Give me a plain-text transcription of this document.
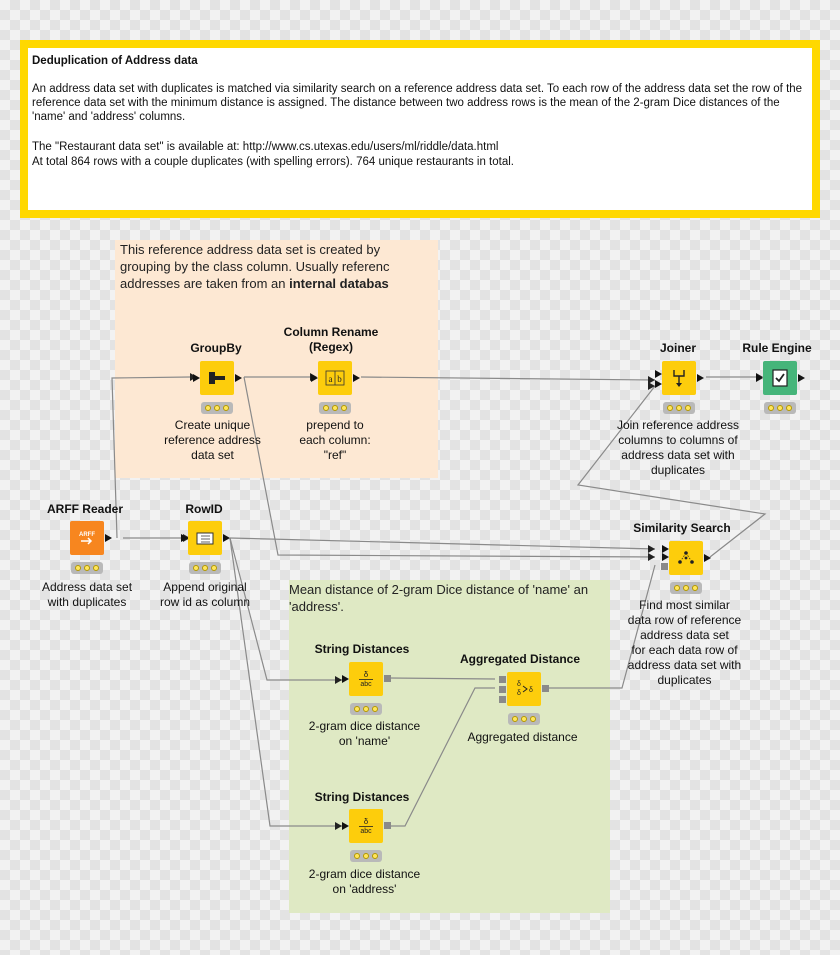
Deduplication of Address data
An address data set with duplicates is matched via similarity search on a reference address data set. To each row of the address data set the row of the reference data set with the minimum distance is assigned. The distance between two address rows is the mean of the 2-gram Dice distances of the 'name' and 'address' columns.
The "Restaurant data set" is available at: http://www.cs.utexas.edu/users/ml/riddle/data.html
At total 864 rows with a couple duplicates (with spelling errors). 764 unique restaurants in total.
This reference address data set is created by
grouping by the class column. Usually referenc
addresses are taken from an internal databas
Mean distance of 2-gram Dice distance of 'name' an
'address'.
ARFF Reader
ARFF
Address data set
with duplicates
RowID
Append original
row id as column
GroupBy
Create unique
reference address
data set
Column Rename
(Regex)
a b
prepend to
each column:
"ref"
Joiner
Join reference address
columns to columns of
address data set with
duplicates
Rule Engine
Similarity Search
Find most similar
data row of reference
address data set
for each data row of
address data set with
duplicates
String Distances
δ
abc
2-gram dice distance
on 'name'
String Distances
δ
abc
2-gram dice distance
on 'address'
Aggregated Distance
δ
δ δ
Aggregated distance
